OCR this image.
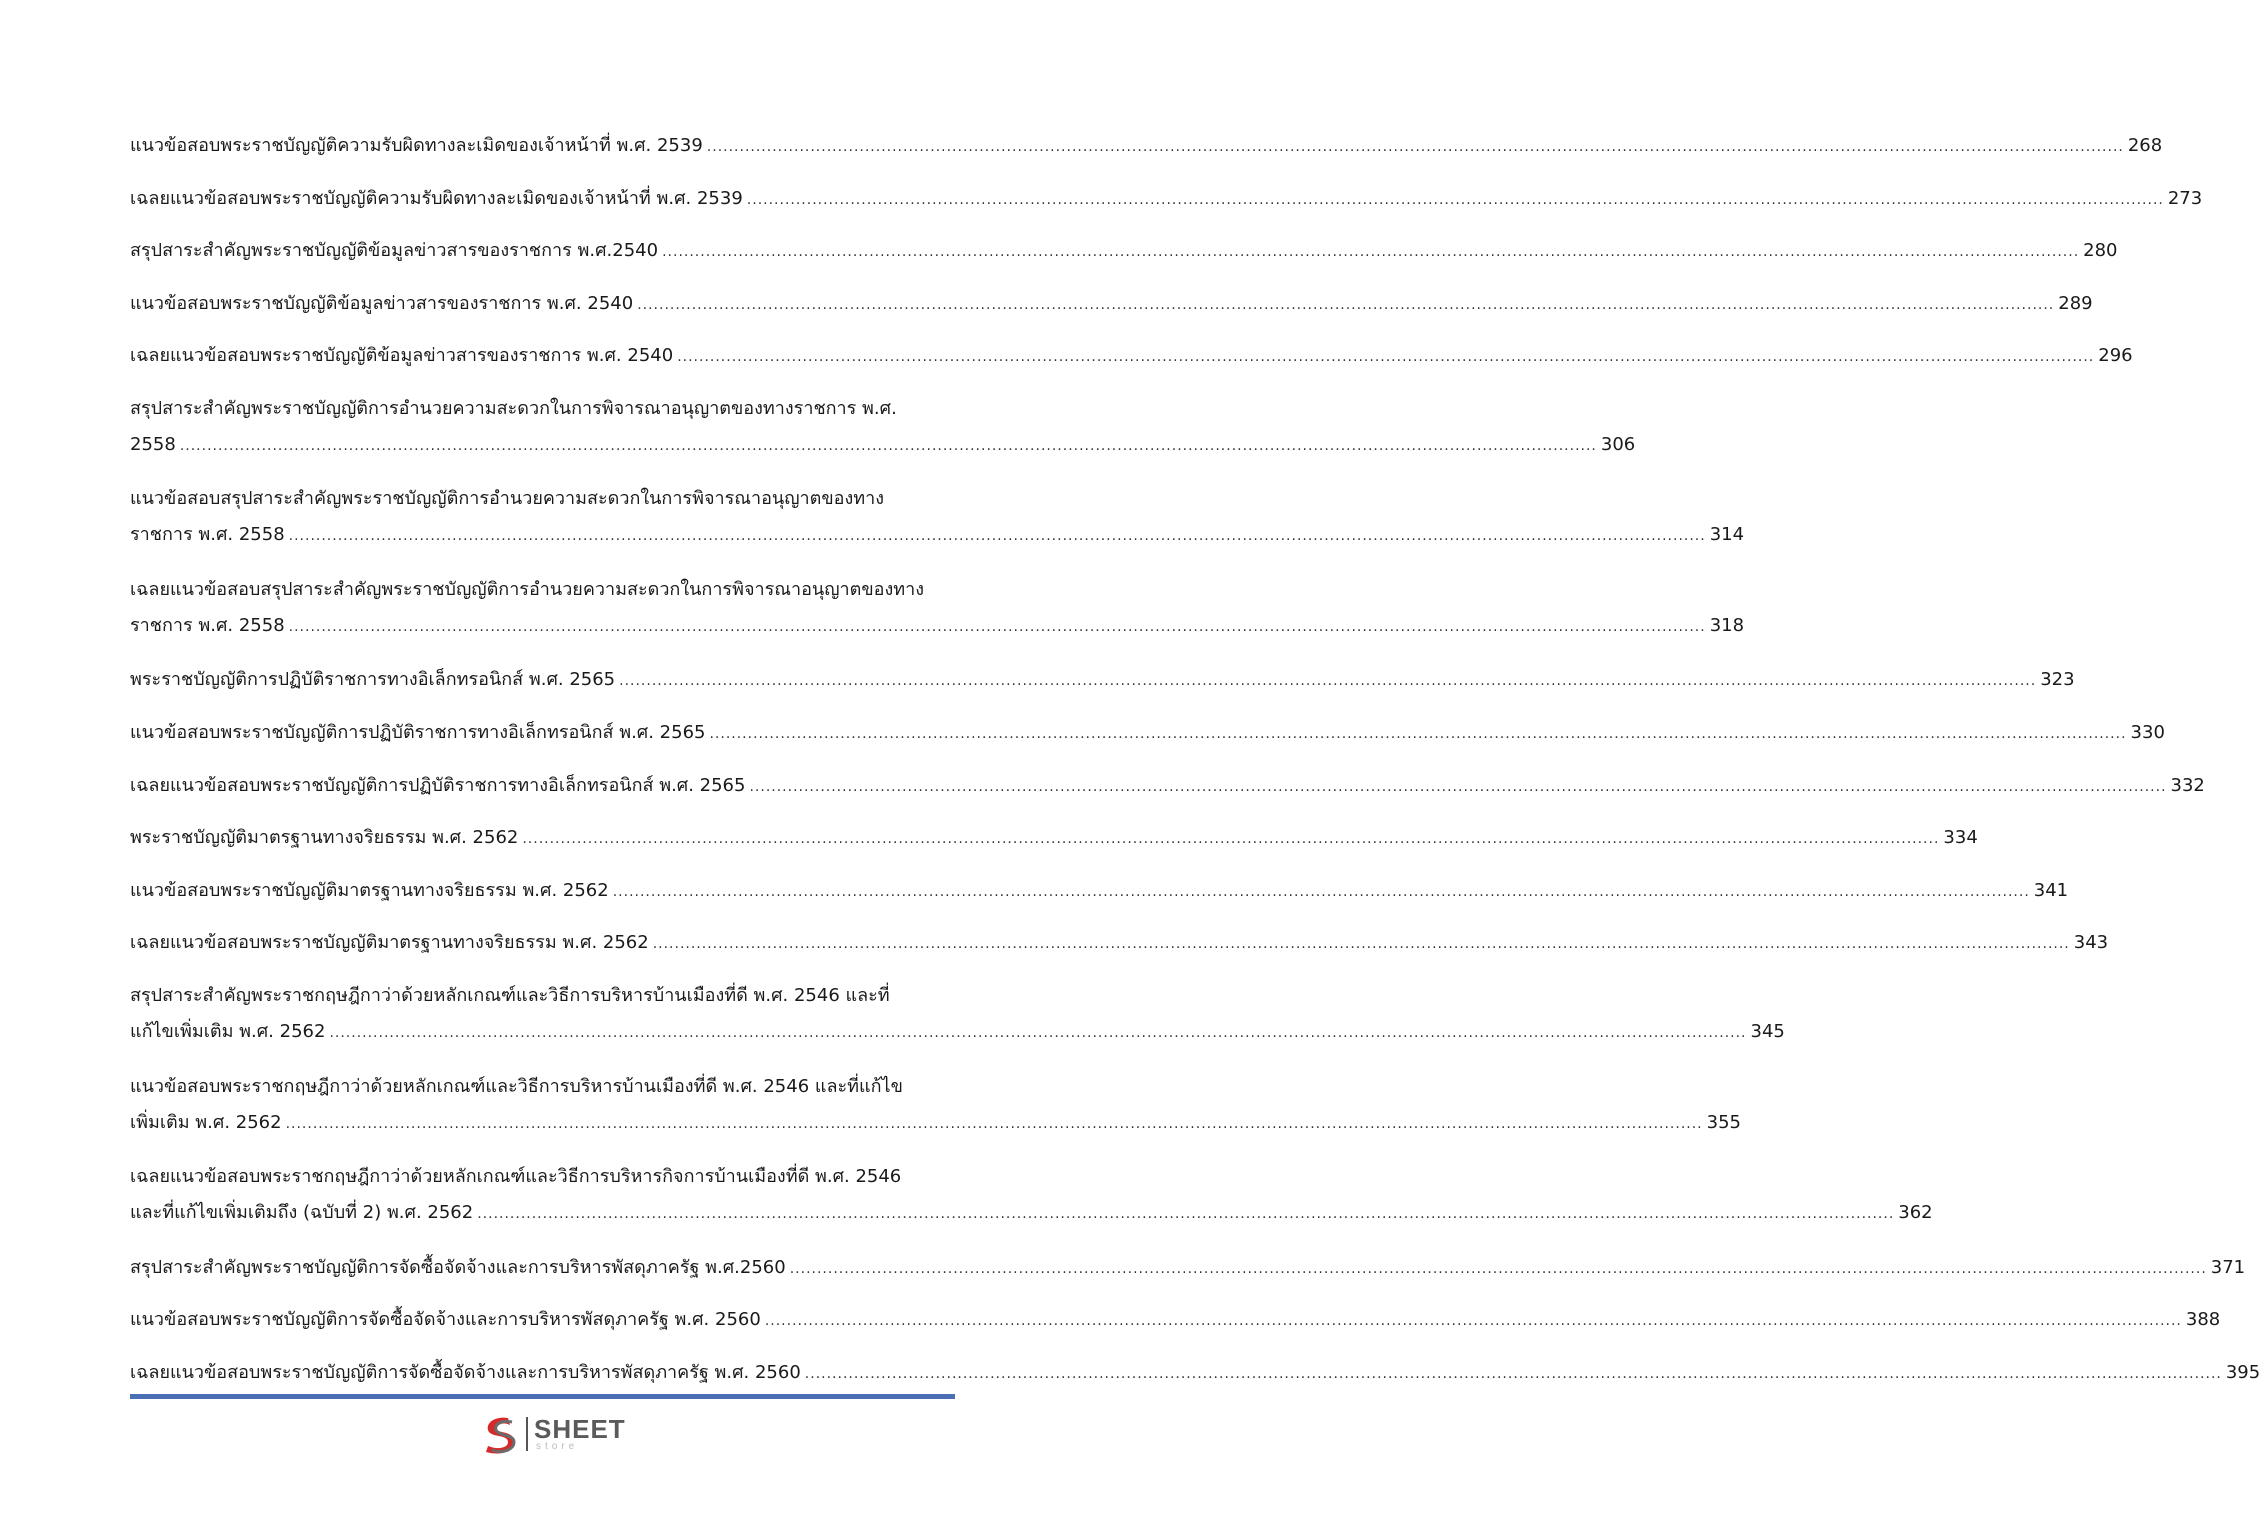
แนวข้อสอบพระราชบัญญัติความรับผิดทางละเมิดของเจ้าหน้าที่ พ.ศ. 2539 .................................................................................................................................................................................................................................................................... 268
เฉลยแนวข้อสอบพระราชบัญญัติความรับผิดทางละเมิดของเจ้าหน้าที่ พ.ศ. 2539 .................................................................................................................................................................................................................................................................... 273
สรุปสาระสำคัญพระราชบัญญัติข้อมูลข่าวสารของราชการ พ.ศ.2540 .................................................................................................................................................................................................................................................................... 280
แนวข้อสอบพระราชบัญญัติข้อมูลข่าวสารของราชการ พ.ศ. 2540 .................................................................................................................................................................................................................................................................... 289
เฉลยแนวข้อสอบพระราชบัญญัติข้อมูลข่าวสารของราชการ พ.ศ. 2540 .................................................................................................................................................................................................................................................................... 296
สรุปสาระสำคัญพระราชบัญญัติการอำนวยความสะดวกในการพิจารณาอนุญาตของทางราชการ พ.ศ.
2558 .................................................................................................................................................................................................................................................................... 306
แนวข้อสอบสรุปสาระสำคัญพระราชบัญญัติการอำนวยความสะดวกในการพิจารณาอนุญาตของทาง
ราชการ พ.ศ. 2558 .................................................................................................................................................................................................................................................................... 314
เฉลยแนวข้อสอบสรุปสาระสำคัญพระราชบัญญัติการอำนวยความสะดวกในการพิจารณาอนุญาตของทาง
ราชการ พ.ศ. 2558 .................................................................................................................................................................................................................................................................... 318
พระราชบัญญัติการปฏิบัติราชการทางอิเล็กทรอนิกส์ พ.ศ. 2565 .................................................................................................................................................................................................................................................................... 323
แนวข้อสอบพระราชบัญญัติการปฏิบัติราชการทางอิเล็กทรอนิกส์ พ.ศ. 2565 .................................................................................................................................................................................................................................................................... 330
เฉลยแนวข้อสอบพระราชบัญญัติการปฏิบัติราชการทางอิเล็กทรอนิกส์ พ.ศ. 2565 .................................................................................................................................................................................................................................................................... 332
พระราชบัญญัติมาตรฐานทางจริยธรรม พ.ศ. 2562 .................................................................................................................................................................................................................................................................... 334
แนวข้อสอบพระราชบัญญัติมาตรฐานทางจริยธรรม พ.ศ. 2562 .................................................................................................................................................................................................................................................................... 341
เฉลยแนวข้อสอบพระราชบัญญัติมาตรฐานทางจริยธรรม พ.ศ. 2562 .................................................................................................................................................................................................................................................................... 343
สรุปสาระสำคัญพระราชกฤษฎีกาว่าด้วยหลักเกณฑ์และวิธีการบริหารบ้านเมืองที่ดี พ.ศ. 2546 และที่
แก้ไขเพิ่มเติม พ.ศ. 2562 .................................................................................................................................................................................................................................................................... 345
แนวข้อสอบพระราชกฤษฎีกาว่าด้วยหลักเกณฑ์และวิธีการบริหารบ้านเมืองที่ดี พ.ศ. 2546 และที่แก้ไข
เพิ่มเติม พ.ศ. 2562 .................................................................................................................................................................................................................................................................... 355
เฉลยแนวข้อสอบพระราชกฤษฎีกาว่าด้วยหลักเกณฑ์และวิธีการบริหารกิจการบ้านเมืองที่ดี พ.ศ. 2546
และที่แก้ไขเพิ่มเติมถึง (ฉบับที่ 2) พ.ศ. 2562 .................................................................................................................................................................................................................................................................... 362
สรุปสาระสำคัญพระราชบัญญัติการจัดซื้อจัดจ้างและการบริหารพัสดุภาครัฐ พ.ศ.2560 .................................................................................................................................................................................................................................................................... 371
แนวข้อสอบพระราชบัญญัติการจัดซื้อจัดจ้างและการบริหารพัสดุภาครัฐ พ.ศ. 2560 .................................................................................................................................................................................................................................................................... 388
เฉลยแนวข้อสอบพระราชบัญญัติการจัดซื้อจัดจ้างและการบริหารพัสดุภาครัฐ พ.ศ. 2560 .................................................................................................................................................................................................................................................................... 395
SHEET
store
